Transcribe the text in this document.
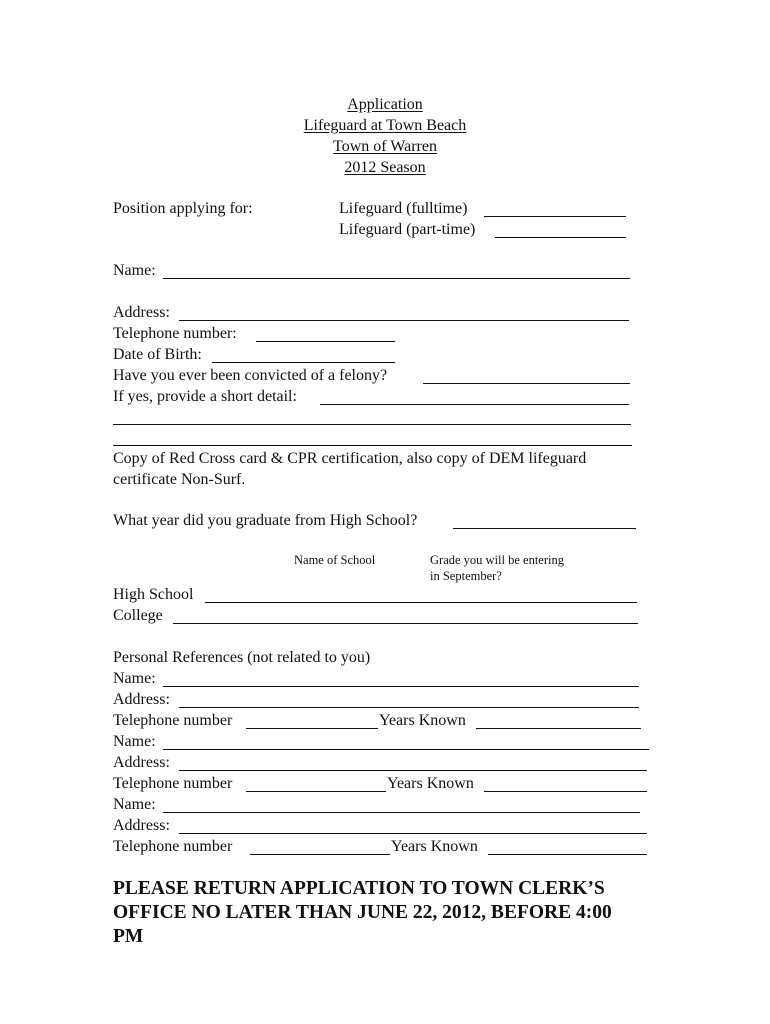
Application
Lifeguard at Town Beach
Town of Warren
2012 Season
Position applying for:	Lifeguard (fulltime)
Lifeguard (part-time)
Name:
Address:
Telephone number:
Date of Birth:
Have you ever been convicted of a felony?
If yes, provide a short detail:
Copy of Red Cross card & CPR certification, also copy of DEM lifeguard
certificate Non-Surf.
What year did you graduate from High School?
Name of School	Grade you will be entering
in September?
High School
College
Personal References (not related to you)
Name:
Address:
Telephone number	Years Known
Name:
Address:
Telephone number	Years Known
Name:
Address:
Telephone number	Years Known
PLEASE RETURN APPLICATION TO TOWN CLERK’S
OFFICE NO LATER THAN JUNE 22, 2012, BEFORE 4:00
PM
